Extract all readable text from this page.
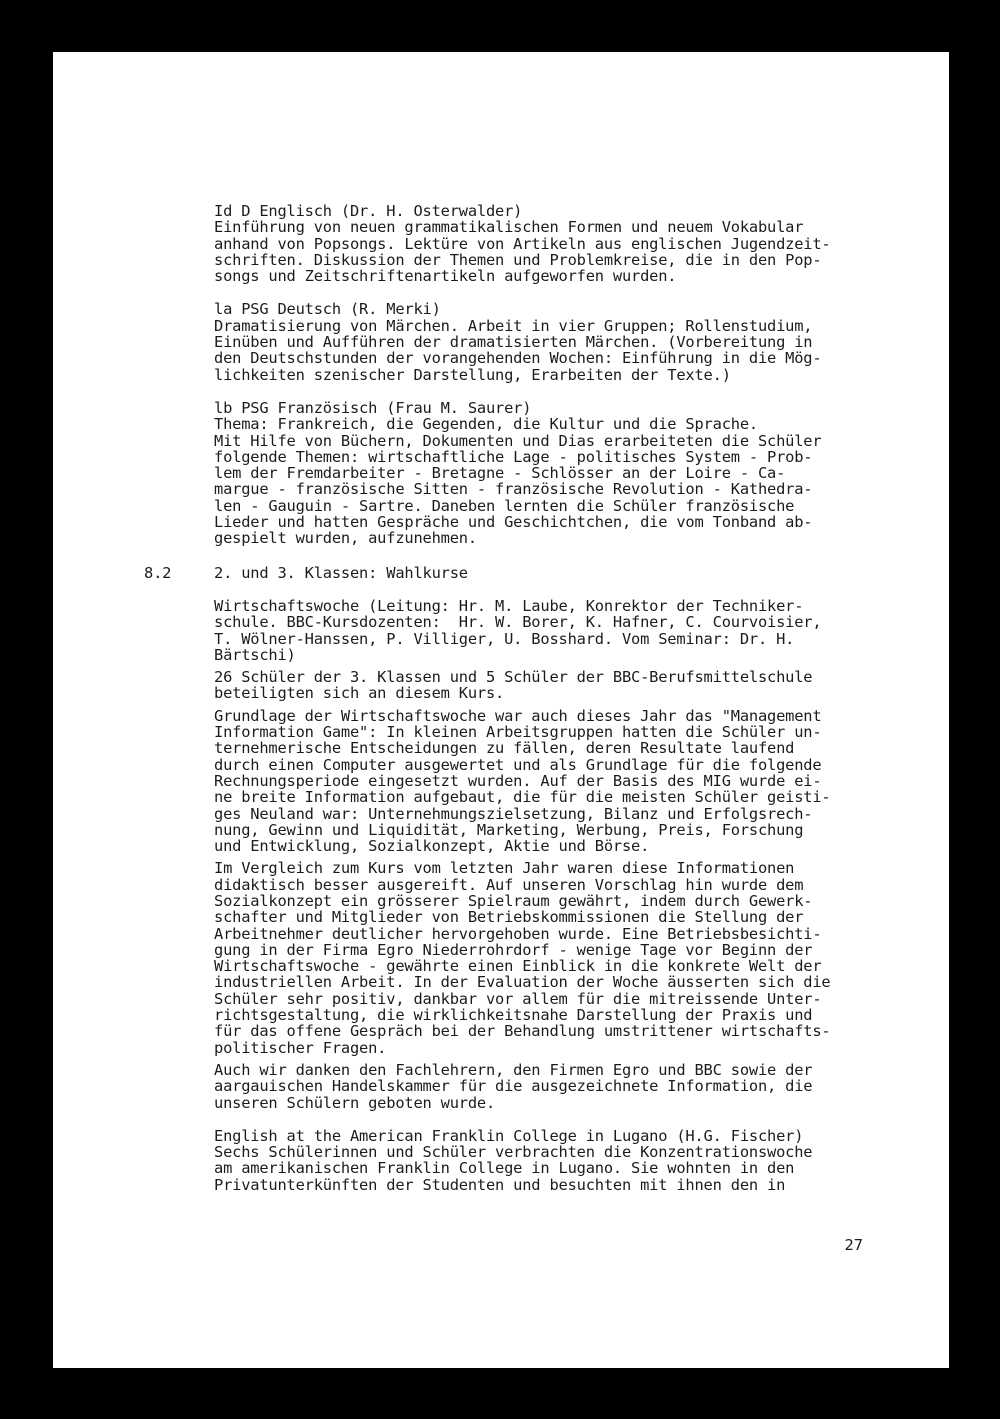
Id D Englisch (Dr. H. Osterwalder)
Einführung von neuen grammatikalischen Formen und neuem Vokabular
anhand von Popsongs. Lektüre von Artikeln aus englischen Jugendzeit-
schriften. Diskussion der Themen und Problemkreise, die in den Pop-
songs und Zeitschriftenartikeln aufgeworfen wurden.
la PSG Deutsch (R. Merki)
Dramatisierung von Märchen. Arbeit in vier Gruppen; Rollenstudium,
Einüben und Aufführen der dramatisierten Märchen. (Vorbereitung in
den Deutschstunden der vorangehenden Wochen: Einführung in die Mög-
lichkeiten szenischer Darstellung, Erarbeiten der Texte.)
lb PSG Französisch (Frau M. Saurer)
Thema: Frankreich, die Gegenden, die Kultur und die Sprache.
Mit Hilfe von Büchern, Dokumenten und Dias erarbeiteten die Schüler
folgende Themen: wirtschaftliche Lage - politisches System - Prob-
lem der Fremdarbeiter - Bretagne - Schlösser an der Loire - Ca-
margue - französische Sitten - französische Revolution - Kathedra-
len - Gauguin - Sartre. Daneben lernten die Schüler französische
Lieder und hatten Gespräche und Geschichtchen, die vom Tonband ab-
gespielt wurden, aufzunehmen.
8.2	2. und 3. Klassen: Wahlkurse
Wirtschaftswoche (Leitung: Hr. M. Laube, Konrektor der Techniker-
schule. BBC-Kursdozenten:  Hr. W. Borer, K. Hafner, C. Courvoisier,
T. Wölner-Hanssen, P. Villiger, U. Bosshard. Vom Seminar: Dr. H.
Bärtschi)
26 Schüler der 3. Klassen und 5 Schüler der BBC-Berufsmittelschule
beteiligten sich an diesem Kurs.
Grundlage der Wirtschaftswoche war auch dieses Jahr das "Management
Information Game": In kleinen Arbeitsgruppen hatten die Schüler un-
ternehmerische Entscheidungen zu fällen, deren Resultate laufend
durch einen Computer ausgewertet und als Grundlage für die folgende
Rechnungsperiode eingesetzt wurden. Auf der Basis des MIG wurde ei-
ne breite Information aufgebaut, die für die meisten Schüler geisti-
ges Neuland war: Unternehmungszielsetzung, Bilanz und Erfolgsrech-
nung, Gewinn und Liquidität, Marketing, Werbung, Preis, Forschung
und Entwicklung, Sozialkonzept, Aktie und Börse.
Im Vergleich zum Kurs vom letzten Jahr waren diese Informationen
didaktisch besser ausgereift. Auf unseren Vorschlag hin wurde dem
Sozialkonzept ein grösserer Spielraum gewährt, indem durch Gewerk-
schafter und Mitglieder von Betriebskommissionen die Stellung der
Arbeitnehmer deutlicher hervorgehoben wurde. Eine Betriebsbesichti-
gung in der Firma Egro Niederrohrdorf - wenige Tage vor Beginn der
Wirtschaftswoche - gewährte einen Einblick in die konkrete Welt der
industriellen Arbeit. In der Evaluation der Woche äusserten sich die
Schüler sehr positiv, dankbar vor allem für die mitreissende Unter-
richtsgestaltung, die wirklichkeitsnahe Darstellung der Praxis und
für das offene Gespräch bei der Behandlung umstrittener wirtschafts-
politischer Fragen.
Auch wir danken den Fachlehrern, den Firmen Egro und BBC sowie der
aargauischen Handelskammer für die ausgezeichnete Information, die
unseren Schülern geboten wurde.
English at the American Franklin College in Lugano (H.G. Fischer)
Sechs Schülerinnen und Schüler verbrachten die Konzentrationswoche
am amerikanischen Franklin College in Lugano. Sie wohnten in den
Privatunterkünften der Studenten und besuchten mit ihnen den in
27
